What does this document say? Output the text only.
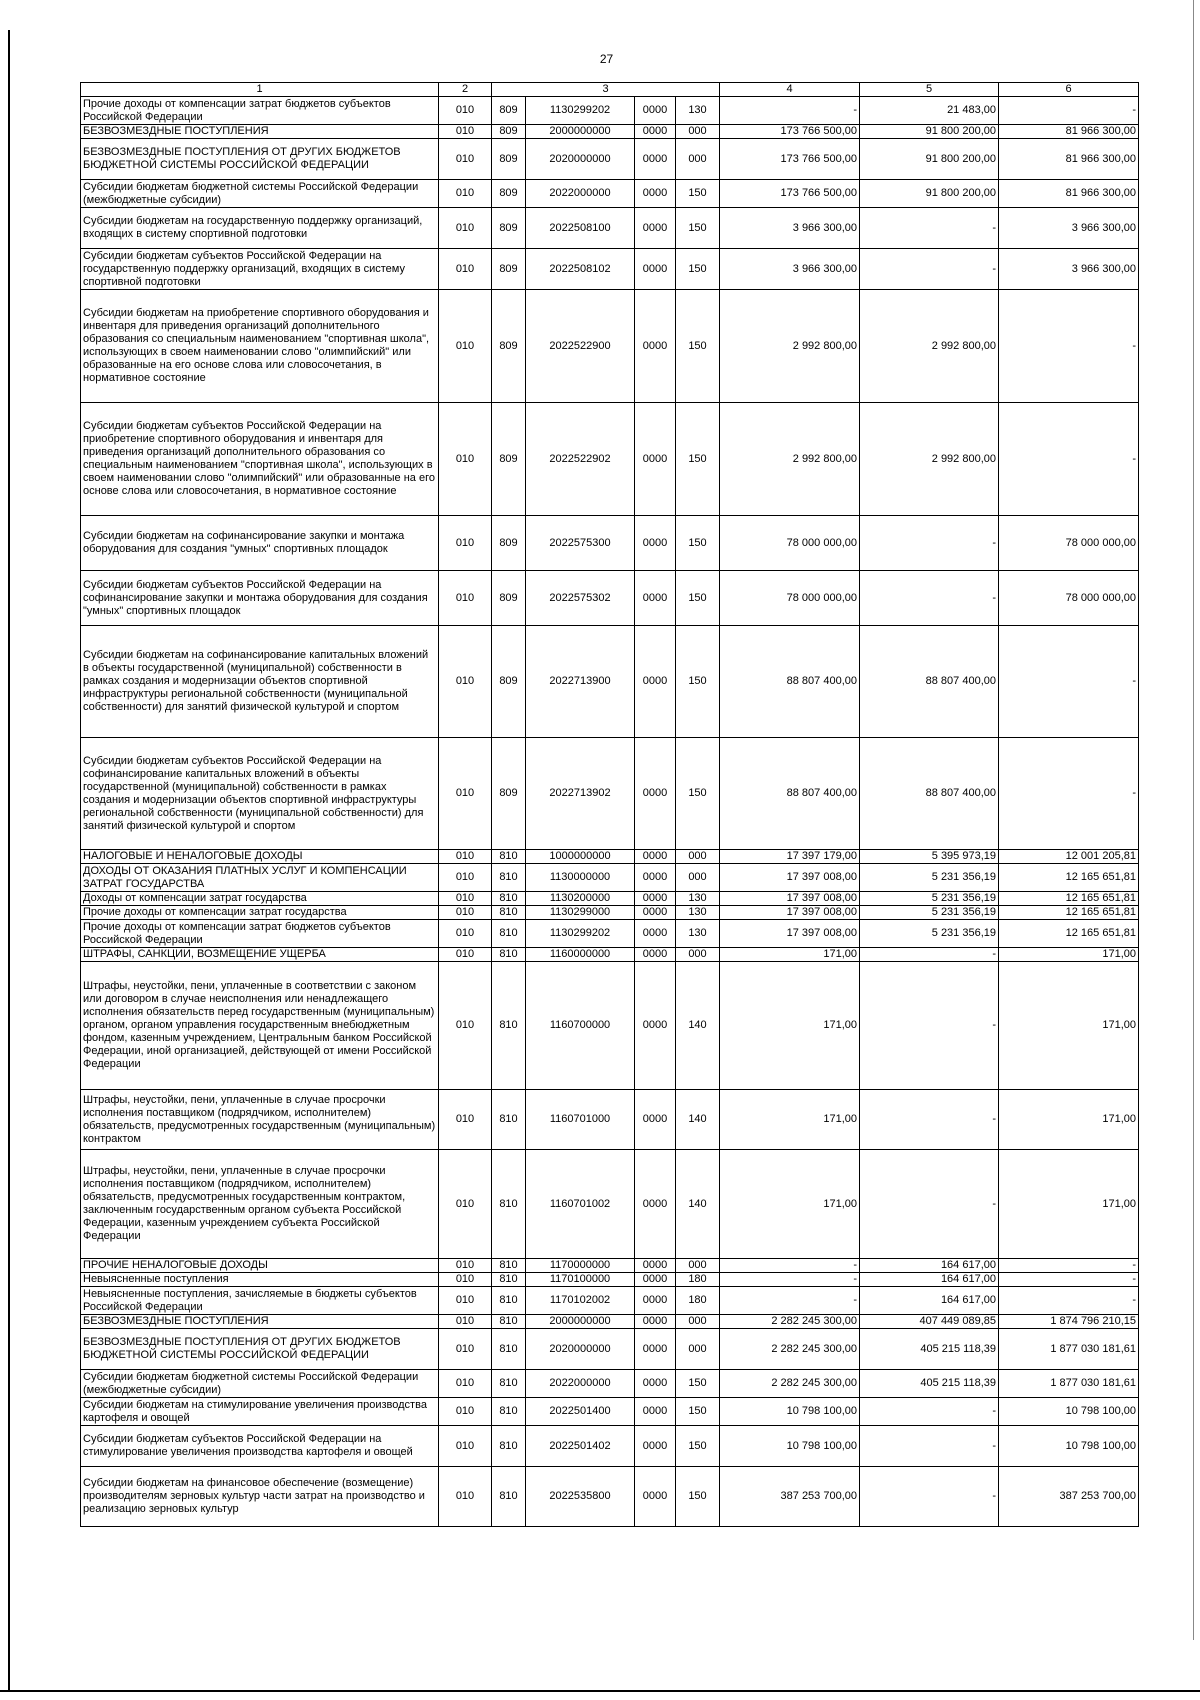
27
1	2	3				4	5	6
Прочие доходы от компенсации затрат бюджетов субъектов Российской Федерации	010	809	1130299202	0000	130	-	21 483,00	-
БЕЗВОЗМЕЗДНЫЕ ПОСТУПЛЕНИЯ	010	809	2000000000	0000	000	173 766 500,00	91 800 200,00	81 966 300,00
БЕЗВОЗМЕЗДНЫЕ ПОСТУПЛЕНИЯ ОТ ДРУГИХ БЮДЖЕТОВ БЮДЖЕТНОЙ СИСТЕМЫ РОССИЙСКОЙ ФЕДЕРАЦИИ	010	809	2020000000	0000	000	173 766 500,00	91 800 200,00	81 966 300,00
Субсидии бюджетам бюджетной системы Российской Федерации (межбюджетные субсидии)	010	809	2022000000	0000	150	173 766 500,00	91 800 200,00	81 966 300,00
Субсидии бюджетам на государственную поддержку организаций, входящих в систему спортивной подготовки	010	809	2022508100	0000	150	3 966 300,00	-	3 966 300,00
Субсидии бюджетам субъектов Российской Федерации на государственную поддержку организаций, входящих в систему спортивной подготовки	010	809	2022508102	0000	150	3 966 300,00	-	3 966 300,00
Субсидии бюджетам на приобретение спортивного оборудования и инвентаря для приведения организаций дополнительного образования со специальным наименованием "спортивная школа", использующих в своем наименовании слово "олимпийский" или образованные на его основе слова или словосочетания, в нормативное состояние	010	809	2022522900	0000	150	2 992 800,00	2 992 800,00	-
Субсидии бюджетам субъектов Российской Федерации на приобретение спортивного оборудования и инвентаря для приведения организаций дополнительного образования со специальным наименованием "спортивная школа", использующих в своем наименовании слово "олимпийский" или образованные на его основе слова или словосочетания, в нормативное состояние	010	809	2022522902	0000	150	2 992 800,00	2 992 800,00	-
Субсидии бюджетам на софинансирование закупки и монтажа оборудования для создания "умных" спортивных площадок	010	809	2022575300	0000	150	78 000 000,00	-	78 000 000,00
Субсидии бюджетам субъектов Российской Федерации на софинансирование закупки и монтажа оборудования для создания "умных" спортивных площадок	010	809	2022575302	0000	150	78 000 000,00	-	78 000 000,00
Субсидии бюджетам на софинансирование капитальных вложений в объекты государственной (муниципальной) собственности в рамках создания и модернизации объектов спортивной инфраструктуры региональной собственности (муниципальной собственности) для занятий физической культурой и спортом	010	809	2022713900	0000	150	88 807 400,00	88 807 400,00	-
Субсидии бюджетам субъектов Российской Федерации на софинансирование капитальных вложений в объекты государственной (муниципальной) собственности в рамках создания и модернизации объектов спортивной инфраструктуры региональной собственности (муниципальной собственности) для занятий физической культурой и спортом	010	809	2022713902	0000	150	88 807 400,00	88 807 400,00	-
НАЛОГОВЫЕ И НЕНАЛОГОВЫЕ ДОХОДЫ	010	810	1000000000	0000	000	17 397 179,00	5 395 973,19	12 001 205,81
ДОХОДЫ ОТ ОКАЗАНИЯ ПЛАТНЫХ УСЛУГ И КОМПЕНСАЦИИ ЗАТРАТ ГОСУДАРСТВА	010	810	1130000000	0000	000	17 397 008,00	5 231 356,19	12 165 651,81
Доходы от компенсации затрат государства	010	810	1130200000	0000	130	17 397 008,00	5 231 356,19	12 165 651,81
Прочие доходы от компенсации затрат государства	010	810	1130299000	0000	130	17 397 008,00	5 231 356,19	12 165 651,81
Прочие доходы от компенсации затрат бюджетов субъектов Российской Федерации	010	810	1130299202	0000	130	17 397 008,00	5 231 356,19	12 165 651,81
ШТРАФЫ, САНКЦИИ, ВОЗМЕЩЕНИЕ УЩЕРБА	010	810	1160000000	0000	000	171,00	-	171,00
Штрафы, неустойки, пени, уплаченные в соответствии с законом или договором в случае неисполнения или ненадлежащего исполнения обязательств перед государственным (муниципальным) органом, органом управления государственным внебюджетным фондом, казенным учреждением, Центральным банком Российской Федерации, иной организацией, действующей от имени Российской Федерации	010	810	1160700000	0000	140	171,00	-	171,00
Штрафы, неустойки, пени, уплаченные в случае просрочки исполнения поставщиком (подрядчиком, исполнителем) обязательств, предусмотренных государственным (муниципальным) контрактом	010	810	1160701000	0000	140	171,00	-	171,00
Штрафы, неустойки, пени, уплаченные в случае просрочки исполнения поставщиком (подрядчиком, исполнителем) обязательств, предусмотренных государственным контрактом, заключенным государственным органом субъекта Российской Федерации, казенным учреждением субъекта Российской Федерации	010	810	1160701002	0000	140	171,00	-	171,00
ПРОЧИЕ НЕНАЛОГОВЫЕ ДОХОДЫ	010	810	1170000000	0000	000	-	164 617,00	-
Невыясненные поступления	010	810	1170100000	0000	180	-	164 617,00	-
Невыясненные поступления, зачисляемые в бюджеты субъектов Российской Федерации	010	810	1170102002	0000	180	-	164 617,00	-
БЕЗВОЗМЕЗДНЫЕ ПОСТУПЛЕНИЯ	010	810	2000000000	0000	000	2 282 245 300,00	407 449 089,85	1 874 796 210,15
БЕЗВОЗМЕЗДНЫЕ ПОСТУПЛЕНИЯ ОТ ДРУГИХ БЮДЖЕТОВ БЮДЖЕТНОЙ СИСТЕМЫ РОССИЙСКОЙ ФЕДЕРАЦИИ	010	810	2020000000	0000	000	2 282 245 300,00	405 215 118,39	1 877 030 181,61
Субсидии бюджетам бюджетной системы Российской Федерации (межбюджетные субсидии)	010	810	2022000000	0000	150	2 282 245 300,00	405 215 118,39	1 877 030 181,61
Субсидии бюджетам на стимулирование увеличения производства картофеля и овощей	010	810	2022501400	0000	150	10 798 100,00	-	10 798 100,00
Субсидии бюджетам субъектов Российской Федерации на стимулирование увеличения производства картофеля и овощей	010	810	2022501402	0000	150	10 798 100,00	-	10 798 100,00
Субсидии бюджетам на финансовое обеспечение (возмещение) производителям зерновых культур части затрат на производство и реализацию зерновых культур	010	810	2022535800	0000	150	387 253 700,00	-	387 253 700,00
